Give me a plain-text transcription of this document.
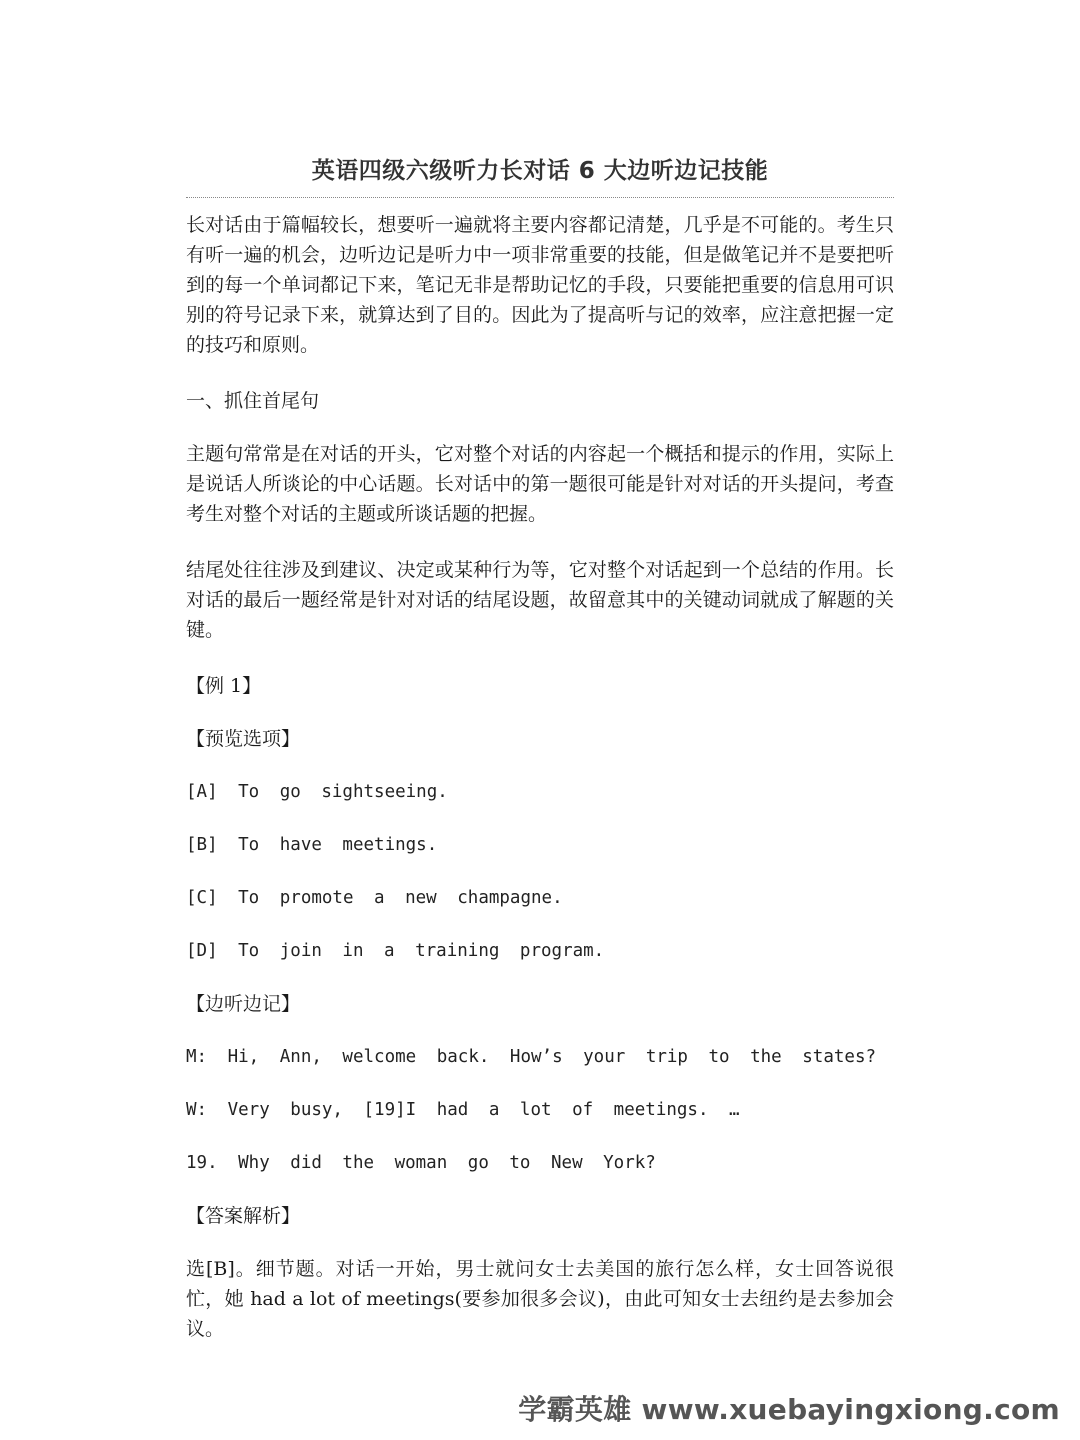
英语四级六级听力长对话 6 大边听边记技能

长对话由于篇幅较长，想要听一遍就将主要内容都记清楚，几乎是不可能的。考生只有听一遍的机会，边听边记是听力中一项非常重要的技能，但是做笔记并不是要把听到的每一个单词都记下来，笔记无非是帮助记忆的手段，只要能把重要的信息用可识别的符号记录下来，就算达到了目的。因此为了提高听与记的效率，应注意把握一定的技巧和原则。

一、抓住首尾句

主题句常常是在对话的开头，它对整个对话的内容起一个概括和提示的作用，实际上是说话人所谈论的中心话题。长对话中的第一题很可能是针对对话的开头提问，考查考生对整个对话的主题或所谈话题的把握。

结尾处往往涉及到建议、决定或某种行为等，它对整个对话起到一个总结的作用。长对话的最后一题经常是针对对话的结尾设题，故留意其中的关键动词就成了解题的关键。

【例 1】

【预览选项】

[A] To go sightseeing.

[B] To have meetings.

[C] To promote a new champagne.

[D] To join in a training program.

【边听边记】

M: Hi, Ann, welcome back. How’s your trip to the states?

W: Very busy, [19]I had a lot of meetings. …

19. Why did the woman go to New York?

【答案解析】

选[B]。细节题。对话一开始，男士就问女士去美国的旅行怎么样，女士回答说很忙，她 had a lot of meetings(要参加很多会议)，由此可知女士去纽约是去参加会议。

学霸英雄 www.xuebayingxiong.com
